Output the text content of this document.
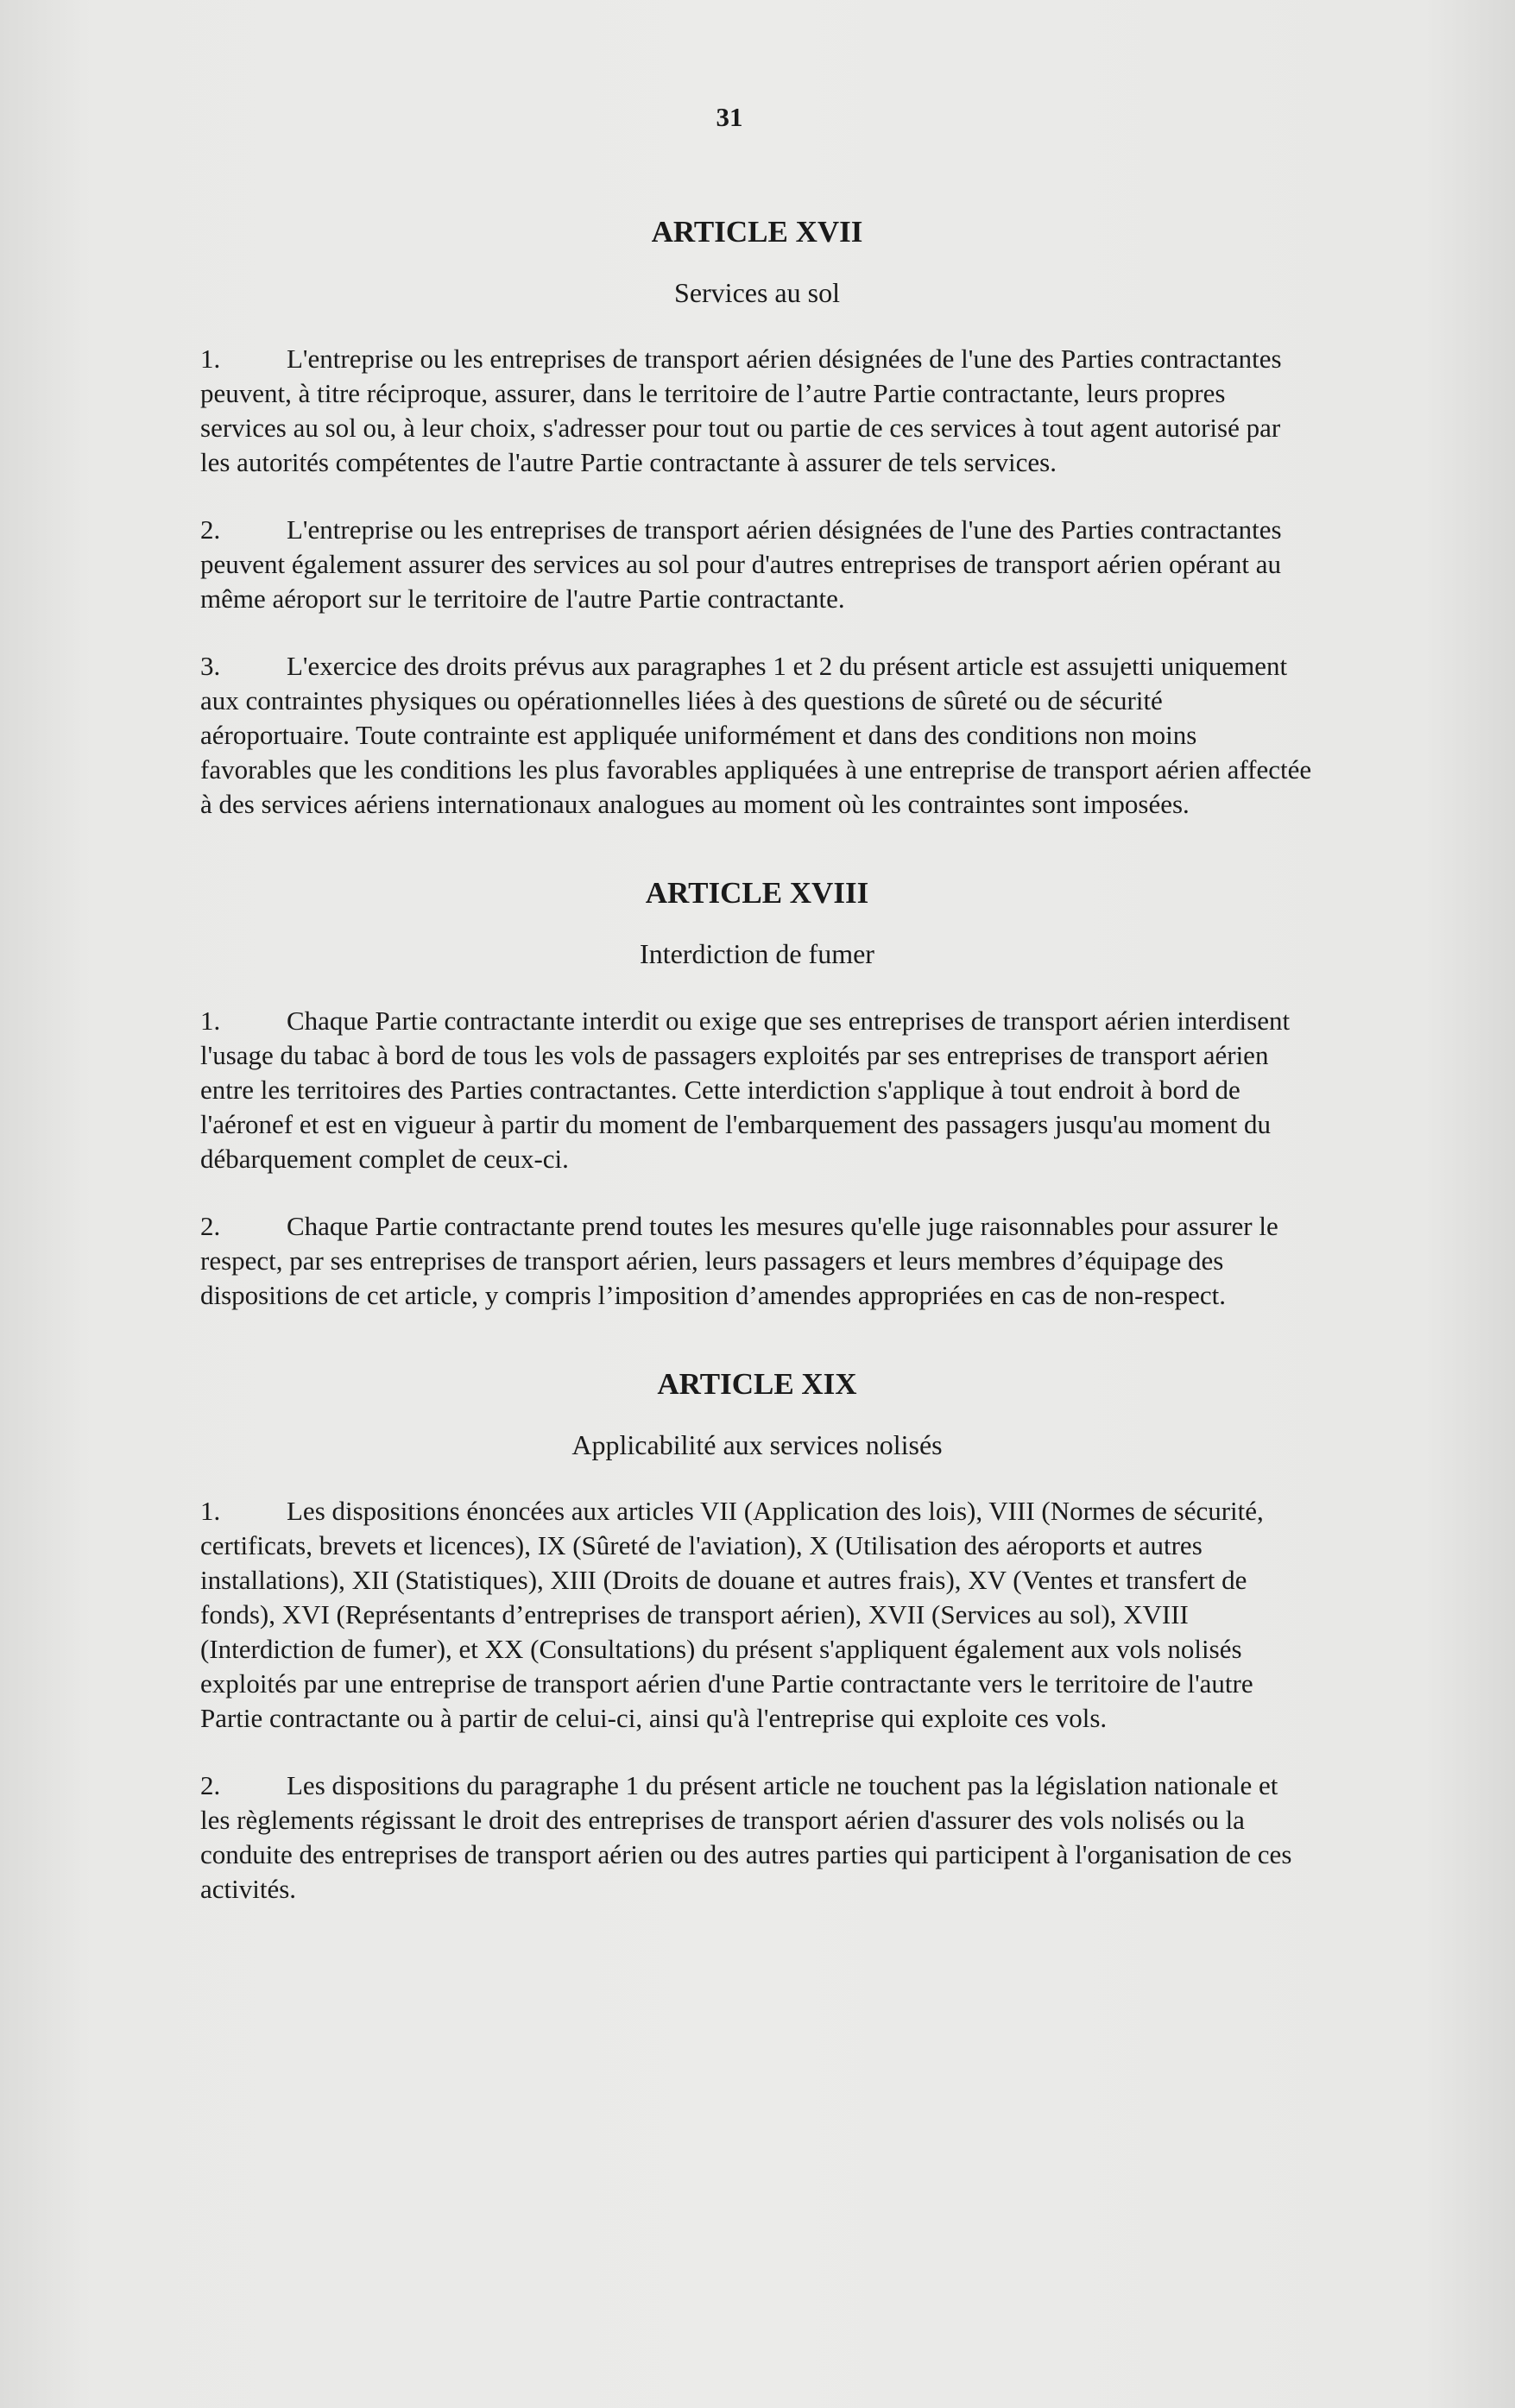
31
ARTICLE XVII
Services au sol

1. L'entreprise ou les entreprises de transport aérien désignées de l'une des Parties contractantes peuvent, à titre réciproque, assurer, dans le territoire de l’autre Partie contractante, leurs propres services au sol ou, à leur choix, s'adresser pour tout ou partie de ces services à tout agent autorisé par les autorités compétentes de l'autre Partie contractante à assurer de tels services.

2. L'entreprise ou les entreprises de transport aérien désignées de l'une des Parties contractantes peuvent également assurer des services au sol pour d'autres entreprises de transport aérien opérant au même aéroport sur le territoire de l'autre Partie contractante.

3. L'exercice des droits prévus aux paragraphes 1 et 2 du présent article est assujetti uniquement aux contraintes physiques ou opérationnelles liées à des questions de sûreté ou de sécurité aéroportuaire. Toute contrainte est appliquée uniformément et dans des conditions non moins favorables que les conditions les plus favorables appliquées à une entreprise de transport aérien affectée à des services aériens internationaux analogues au moment où les contraintes sont imposées.

ARTICLE XVIII
Interdiction de fumer

1. Chaque Partie contractante interdit ou exige que ses entreprises de transport aérien interdisent l'usage du tabac à bord de tous les vols de passagers exploités par ses entreprises de transport aérien entre les territoires des Parties contractantes. Cette interdiction s'applique à tout endroit à bord de l'aéronef et est en vigueur à partir du moment de l'embarquement des passagers jusqu'au moment du débarquement complet de ceux-ci.

2. Chaque Partie contractante prend toutes les mesures qu'elle juge raisonnables pour assurer le respect, par ses entreprises de transport aérien, leurs passagers et leurs membres d’équipage des dispositions de cet article, y compris l’imposition d’amendes appropriées en cas de non-respect.

ARTICLE XIX
Applicabilité aux services nolisés

1. Les dispositions énoncées aux articles VII (Application des lois), VIII (Normes de sécurité, certificats, brevets et licences), IX (Sûreté de l'aviation), X (Utilisation des aéroports et autres installations), XII (Statistiques), XIII (Droits de douane et autres frais), XV (Ventes et transfert de fonds), XVI (Représentants d’entreprises de transport aérien), XVII (Services au sol), XVIII (Interdiction de fumer), et XX (Consultations) du présent s'appliquent également aux vols nolisés exploités par une entreprise de transport aérien d'une Partie contractante vers le territoire de l'autre Partie contractante ou à partir de celui-ci, ainsi qu'à l'entreprise qui exploite ces vols.

2. Les dispositions du paragraphe 1 du présent article ne touchent pas la législation nationale et les règlements régissant le droit des entreprises de transport aérien d'assurer des vols nolisés ou la conduite des entreprises de transport aérien ou des autres parties qui participent à l'organisation de ces activités.
